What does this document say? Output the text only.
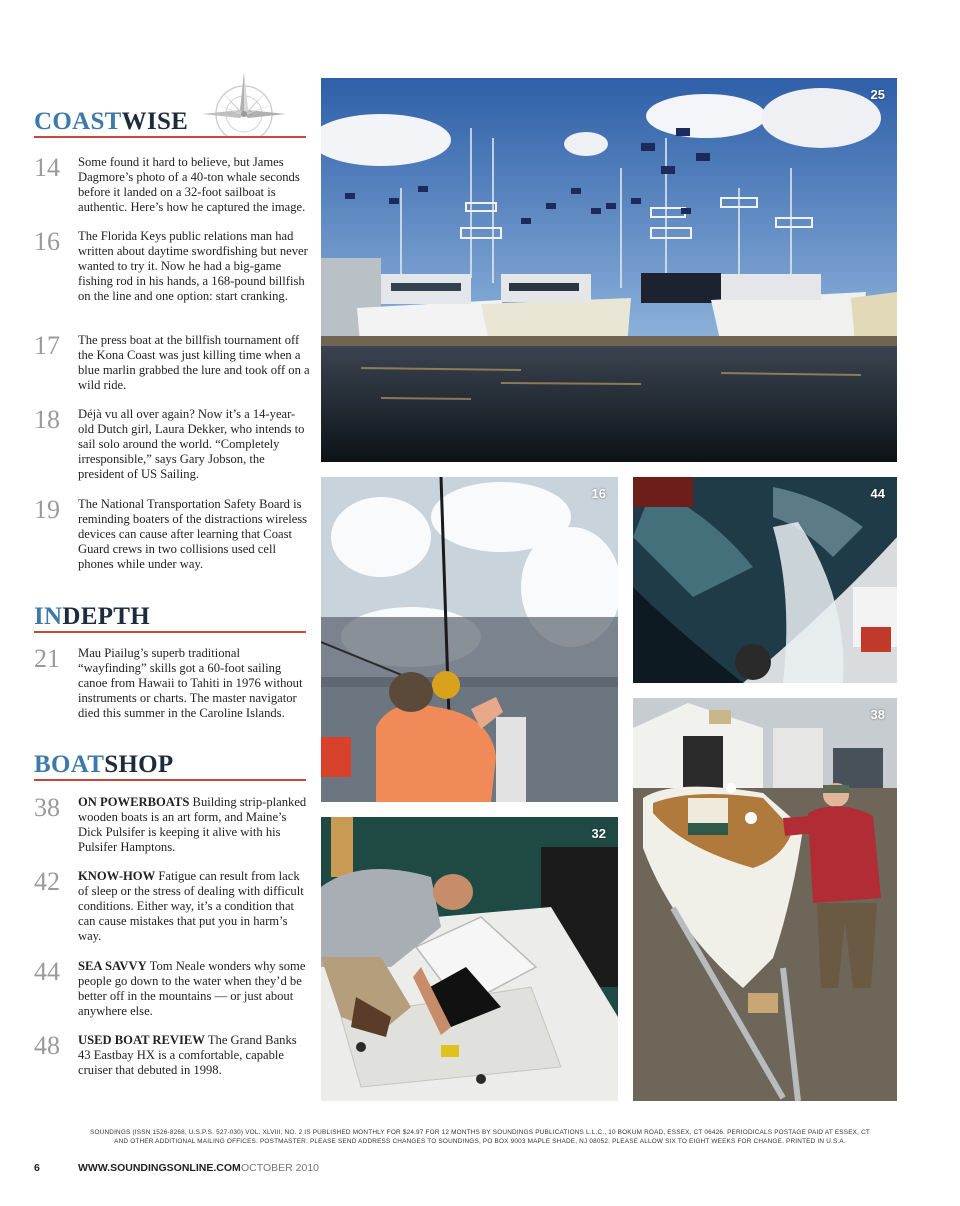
COASTWISE
14	Some found it hard to believe, but James Dagmore’s photo of a 40-ton whale seconds before it landed on a 32-foot sailboat is authentic. Here’s how he captured the image.
16	The Florida Keys public relations man had written about daytime swordfishing but never wanted to try it. Now he had a big-game fishing rod in his hands, a 168-pound billfish on the line and one option: start cranking.
17	The press boat at the billfish tournament off the Kona Coast was just killing time when a blue marlin grabbed the lure and took off on a wild ride.
18	Déjà vu all over again? Now it’s a 14-year-old Dutch girl, Laura Dekker, who intends to sail solo around the world. “Completely irresponsible,” says Gary Jobson, the president of US Sailing.
19	The National Transportation Safety Board is reminding boaters of the distractions wireless devices can cause after learning that Coast Guard crews in two collisions used cell phones while under way.
INDEPTH
21	Mau Piailug’s superb traditional “wayfinding” skills got a 60-foot sailing canoe from Hawaii to Tahiti in 1976 without instruments or charts. The master navigator died this summer in the Caroline Islands.
BOATSHOP
38	ON POWERBOATS Building strip-planked wooden boats is an art form, and Maine’s Dick Pulsifer is keeping it alive with his Pulsifer Hamptons.
42	KNOW-HOW Fatigue can result from lack of sleep or the stress of dealing with difficult conditions. Either way, it’s a condition that can cause mistakes that put you in harm’s way.
44	SEA SAVVY Tom Neale wonders why some people go down to the water when they’d be better off in the mountains — or just about anywhere else.
48	USED BOAT REVIEW The Grand Banks 43 Eastbay HX is a comfortable, capable cruiser that debuted in 1998.
25
16	44
38
32
SOUNDINGS (ISSN 1526-8268, U.S.P.S. 527-030) VOL. XLVIII, NO. 2 IS PUBLISHED MONTHLY FOR $24.97 FOR 12 MONTHS BY SOUNDINGS PUBLICATIONS L.L.C., 10 BOKUM ROAD, ESSEX, CT 06426. PERIODICALS POSTAGE PAID AT ESSEX, CT
AND OTHER ADDITIONAL MAILING OFFICES. POSTMASTER: PLEASE SEND ADDRESS CHANGES TO SOUNDINGS, PO BOX 9003 MAPLE SHADE, NJ 08052. PLEASE ALLOW SIX TO EIGHT WEEKS FOR CHANGE. PRINTED IN U.S.A.
6	WWW.SOUNDINGSONLINE.COM OCTOBER 2010
